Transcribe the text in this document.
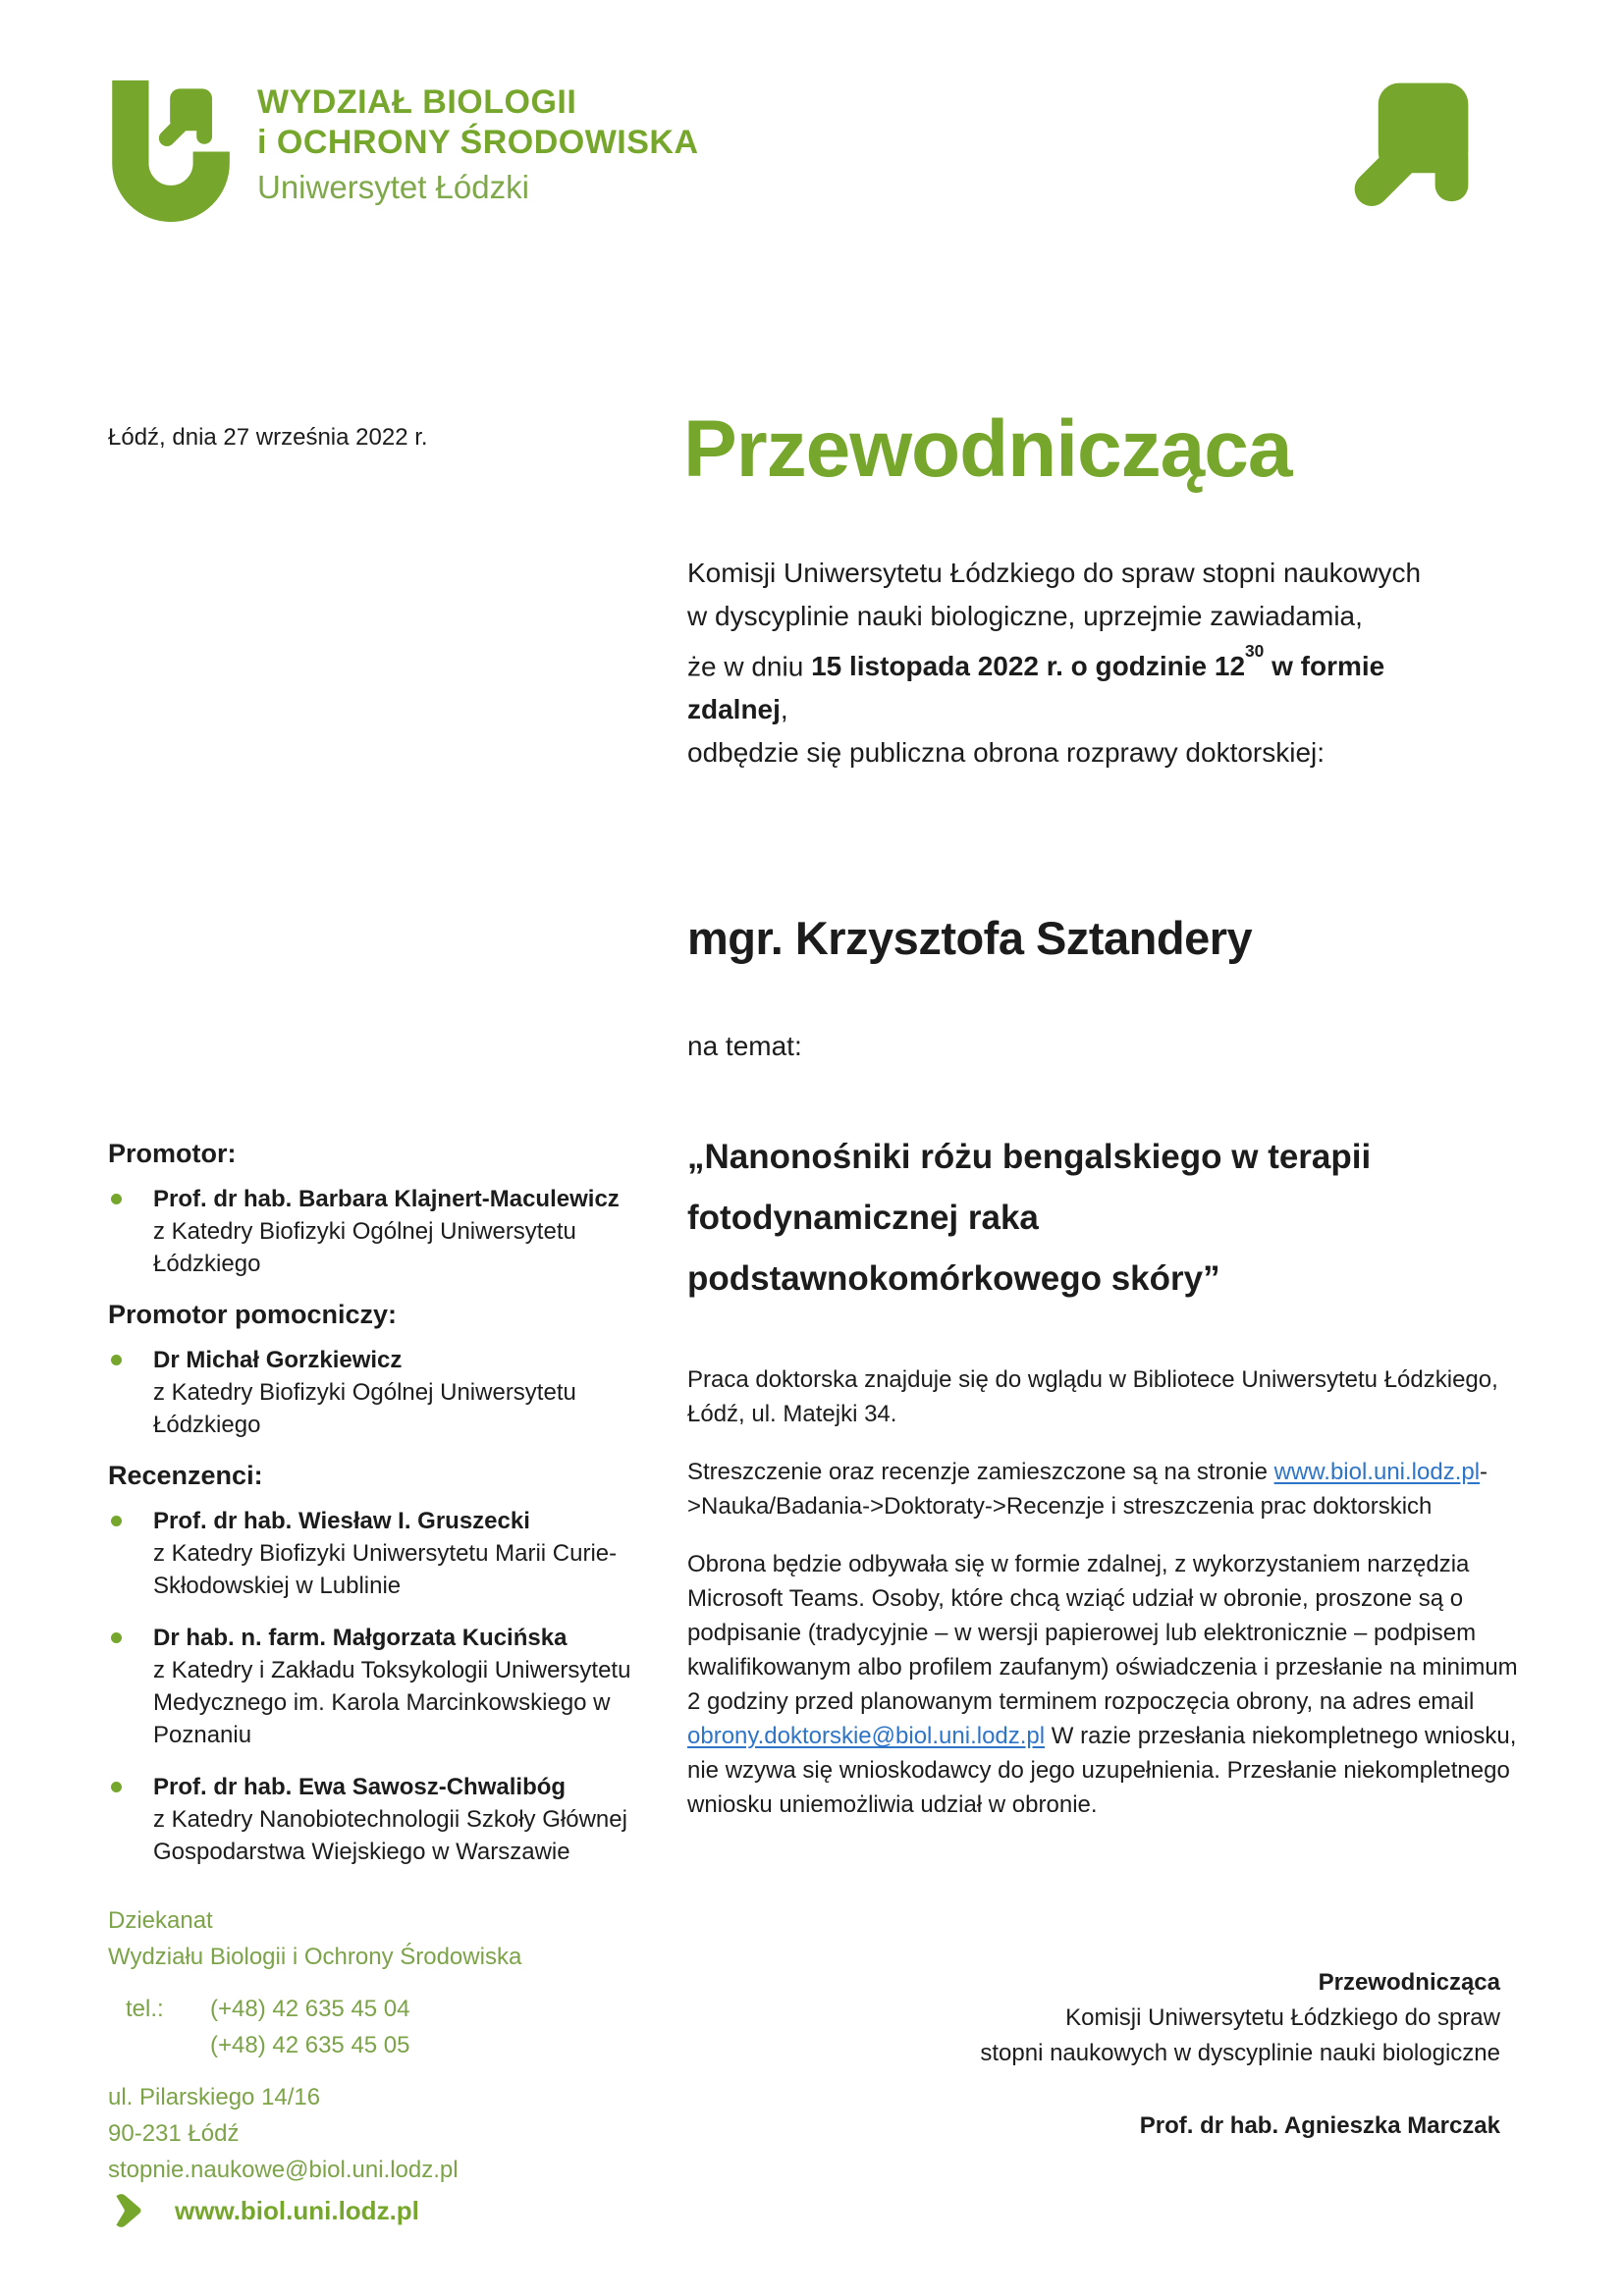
WYDZIAŁ BIOLOGII
i OCHRONY ŚRODOWISKA
Uniwersytet Łódzki
Łódź, dnia 27 września 2022 r.	Przewodnicząca
Komisji Uniwersytetu Łódzkiego do spraw stopni naukowych
w dyscyplinie nauki biologiczne, uprzejmie zawiadamia,
że w dniu 15 listopada 2022 r. o godzinie $12^{30}$ w formie
zdalnej,
odbędzie się publiczna obrona rozprawy doktorskiej:
mgr. Krzysztofa Sztandery
na temat:
„Nanonośniki różu bengalskiego w terapii
fotodynamicznej raka
podstawnokomórkowego skóry”
Promotor:
Prof. dr hab. Barbara Klajnert-Maculewicz
z Katedry Biofizyki Ogólnej Uniwersytetu Łódzkiego
Promotor pomocniczy:
Dr Michał Gorzkiewicz
z Katedry Biofizyki Ogólnej Uniwersytetu Łódzkiego
Recenzenci:
Prof. dr hab. Wiesław I. Gruszecki
z Katedry Biofizyki Uniwersytetu Marii Curie-Skłodowskiej w Lublinie
Dr hab. n. farm. Małgorzata Kucińska
z Katedry i Zakładu Toksykologii Uniwersytetu Medycznego im. Karola Marcinkowskiego w Poznaniu
Prof. dr hab. Ewa Sawosz-Chwalibóg
z Katedry Nanobiotechnologii Szkoły Głównej Gospodarstwa Wiejskiego w Warszawie

Praca doktorska znajduje się do wglądu w Bibliotece Uniwersytetu Łódzkiego, Łódź, ul. Matejki 34.

Streszczenie oraz recenzje zamieszczone są na stronie www.biol.uni.lodz.pl-
>Nauka/Badania->Doktoraty->Recenzje i streszczenia prac doktorskich

Obrona będzie odbywała się w formie zdalnej, z wykorzystaniem narzędzia Microsoft Teams. Osoby, które chcą wziąć udział w obronie, proszone są o podpisanie (tradycyjnie – w wersji papierowej lub elektronicznie – podpisem kwalifikowanym albo profilem zaufanym) oświadczenia i przesłanie na minimum 2 godziny przed planowanym terminem rozpoczęcia obrony, na adres email obrony.doktorskie@biol.uni.lodz.pl W razie przesłania niekompletnego wniosku, nie wzywa się wnioskodawcy do jego uzupełnienia. Przesłanie niekompletnego wniosku uniemożliwia udział w obronie.

Dziekanat
Wydziału Biologii i Ochrony Środowiska
tel.:	(+48) 42 635 45 04
(+48) 42 635 45 05
ul. Pilarskiego 14/16
90-231 Łódź
stopnie.naukowe@biol.uni.lodz.pl
www.biol.uni.lodz.pl
Przewodnicząca
Komisji Uniwersytetu Łódzkiego do spraw
stopni naukowych w dyscyplinie nauki biologiczne
Prof. dr hab. Agnieszka Marczak
